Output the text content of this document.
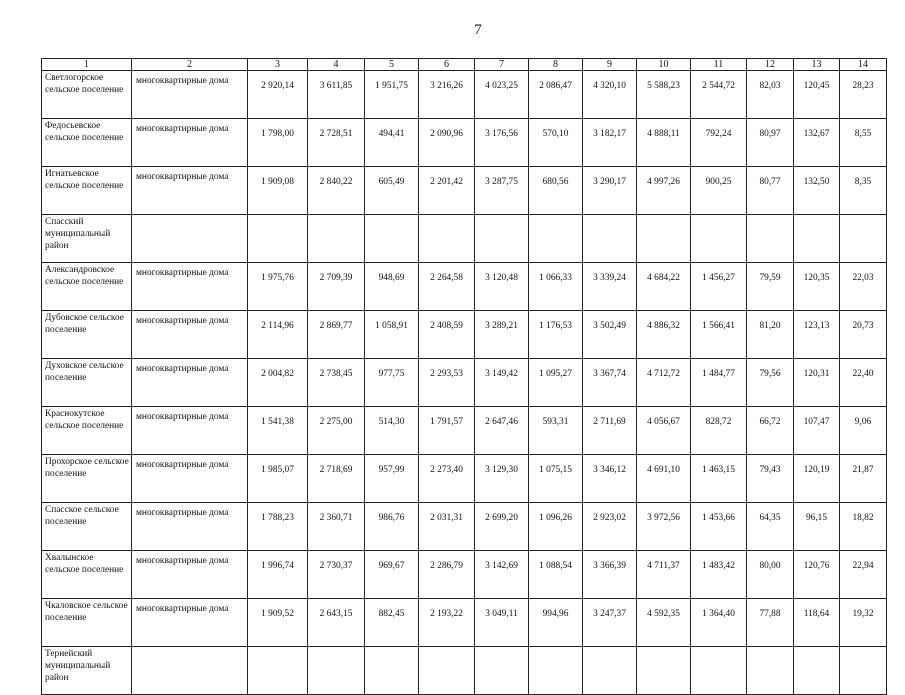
7
1	2	3	4	5	6	7	8	9	10	11	12	13	14
Светлогорское сельское поселение	многоквартирные дома	2 920,14	3 611,85	1 951,75	3 216,26	4 023,25	2 086,47	4 320,10	5 588,23	2 544,72	82,03	120,45	28,23
Федосьевское сельское поселение	многоквартирные дома	1 798,00	2 728,51	494,41	2 090,96	3 176,56	570,10	3 182,17	4 888,11	792,24	80,97	132,67	8,55
Игнатьевское сельское поселение	многоквартирные дома	1 909,08	2 840,22	605,49	2 201,42	3 287,75	680,56	3 290,17	4 997,26	900,25	80,77	132,50	8,35
Спасский муниципальный район													
Александровское сельское поселение	многоквартирные дома	1 975,76	2 709,39	948,69	2 264,58	3 120,48	1 066,33	3 339,24	4 684,22	1 456,27	79,59	120,35	22,03
Дубовское сельское поселение	многоквартирные дома	2 114,96	2 869,77	1 058,91	2 408,59	3 289,21	1 176,53	3 502,49	4 886,32	1 566,41	81,20	123,13	20,73
Духовское сельское поселение	многоквартирные дома	2 004,82	2 738,45	977,75	2 293,53	3 149,42	1 095,27	3 367,74	4 712,72	1 484,77	79,56	120,31	22,40
Краснокутское сельское поселение	многоквартирные дома	1 541,38	2 275,00	514,30	1 791,57	2 647,46	593,31	2 711,69	4 056,67	828,72	66,72	107,47	9,06
Прохорское сельское поселение	многоквартирные дома	1 985,07	2 718,69	957,99	2 273,40	3 129,30	1 075,15	3 346,12	4 691,10	1 463,15	79,43	120,19	21,87
Спасское сельское поселение	многоквартирные дома	1 788,23	2 360,71	986,76	2 031,31	2 699,20	1 096,26	2 923,02	3 972,56	1 453,66	64,35	96,15	18,82
Хвалынское сельское поселение	многоквартирные дома	1 996,74	2 730,37	969,67	2 286,79	3 142,69	1 088,54	3 366,39	4 711,37	1 483,42	80,00	120,76	22,94
Чкаловское сельское поселение	многоквартирные дома	1 909,52	2 643,15	882,45	2 193,22	3 049,11	994,96	3 247,37	4 592,35	1 364,40	77,88	118,64	19,32
Тернейский муниципальный район													
